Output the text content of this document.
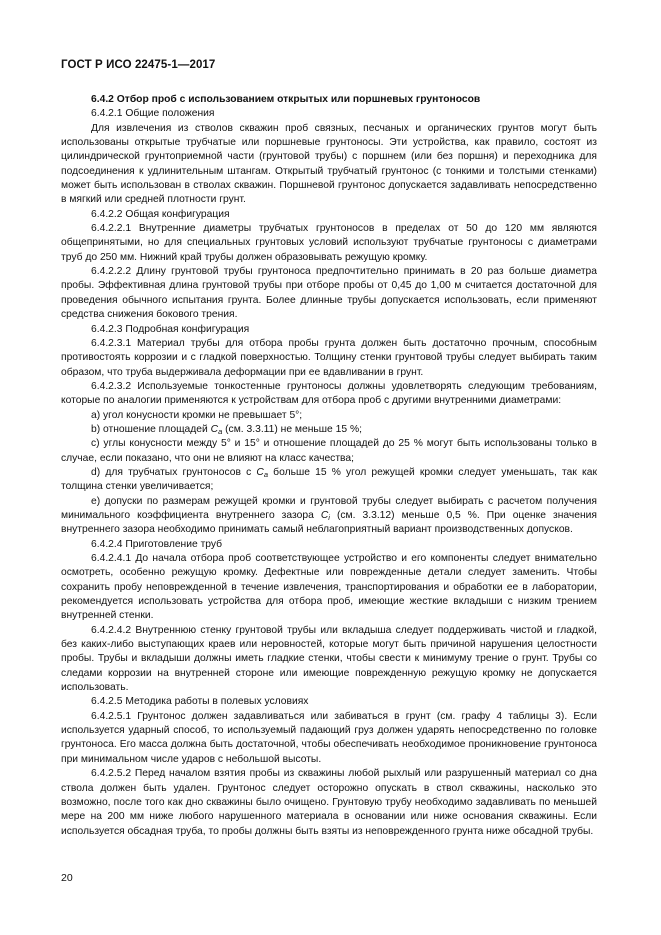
ГОСТ Р ИСО 22475-1—2017

6.4.2 Отбор проб с использованием открытых или поршневых грунтоносов

6.4.2.1 Общие положения

Для извлечения из стволов скважин проб связных, песчаных и органических грунтов могут быть использованы открытые трубчатые или поршневые грунтоносы. Эти устройства, как правило, состоят из цилиндрической грунтоприемной части (грунтовой трубы) с поршнем (или без поршня) и переходника для подсоединения к удлинительным штангам. Открытый трубчатый грунтонос (с тонкими и толстыми стенками) может быть использован в стволах скважин. Поршневой грунтонос допускается задавливать непосредственно в мягкий или средней плотности грунт.

6.4.2.2 Общая конфигурация

6.4.2.2.1 Внутренние диаметры трубчатых грунтоносов в пределах от 50 до 120 мм являются общепринятыми, но для специальных грунтовых условий используют трубчатые грунтоносы с диаметрами труб до 250 мм. Нижний край трубы должен образовывать режущую кромку.

6.4.2.2.2 Длину грунтовой трубы грунтоноса предпочтительно принимать в 20 раз больше диаметра пробы. Эффективная длина грунтовой трубы при отборе пробы от 0,45 до 1,00 м считается достаточной для проведения обычного испытания грунта. Более длинные трубы допускается использовать, если применяют средства снижения бокового трения.

6.4.2.3 Подробная конфигурация

6.4.2.3.1 Материал трубы для отбора пробы грунта должен быть достаточно прочным, способным противостоять коррозии и с гладкой поверхностью. Толщину стенки грунтовой трубы следует выбирать таким образом, что труба выдерживала деформации при ее вдавливании в грунт.

6.4.2.3.2 Используемые тонкостенные грунтоносы должны удовлетворять следующим требованиям, которые по аналогии применяются к устройствам для отбора проб с другими внутренними диаметрами:

а) угол конусности кромки не превышает 5°;

b) отношение площадей $C_a$ (см. 3.3.11) не меньше 15 %;

с) углы конусности между 5° и 15° и отношение площадей до 25 % могут быть использованы только в случае, если показано, что они не влияют на класс качества;

d) для трубчатых грунтоносов с $C_a$ больше 15 % угол режущей кромки следует уменьшать, так как толщина стенки увеличивается;

е) допуски по размерам режущей кромки и грунтовой трубы следует выбирать с расчетом получения минимального коэффициента внутреннего зазора $C_i$ (см. 3.3.12) меньше 0,5 %. При оценке значения внутреннего зазора необходимо принимать самый неблагоприятный вариант производственных допусков.

6.4.2.4 Приготовление труб

6.4.2.4.1 До начала отбора проб соответствующее устройство и его компоненты следует внимательно осмотреть, особенно режущую кромку. Дефектные или поврежденные детали следует заменить. Чтобы сохранить пробу неповрежденной в течение извлечения, транспортирования и обработки ее в лаборатории, рекомендуется использовать устройства для отбора проб, имеющие жесткие вкладыши с низким трением внутренней стенки.

6.4.2.4.2 Внутреннюю стенку грунтовой трубы или вкладыша следует поддерживать чистой и гладкой, без каких-либо выступающих краев или неровностей, которые могут быть причиной нарушения целостности пробы. Трубы и вкладыши должны иметь гладкие стенки, чтобы свести к минимуму трение о грунт. Трубы со следами коррозии на внутренней стороне или имеющие поврежденную режущую кромку не допускается использовать.

6.4.2.5 Методика работы в полевых условиях

6.4.2.5.1 Грунтонос должен задавливаться или забиваться в грунт (см. графу 4 таблицы 3). Если используется ударный способ, то используемый падающий груз должен ударять непосредственно по головке грунтоноса. Его масса должна быть достаточной, чтобы обеспечивать необходимое проникновение грунтоноса при минимальном числе ударов с небольшой высоты.

6.4.2.5.2 Перед началом взятия пробы из скважины любой рыхлый или разрушенный материал со дна ствола должен быть удален. Грунтонос следует осторожно опускать в ствол скважины, насколько это возможно, после того как дно скважины было очищено. Грунтовую трубу необходимо задавливать по меньшей мере на 200 мм ниже любого нарушенного материала в основании или ниже основания скважины. Если используется обсадная труба, то пробы должны быть взяты из неповрежденного грунта ниже обсадной трубы.

20
